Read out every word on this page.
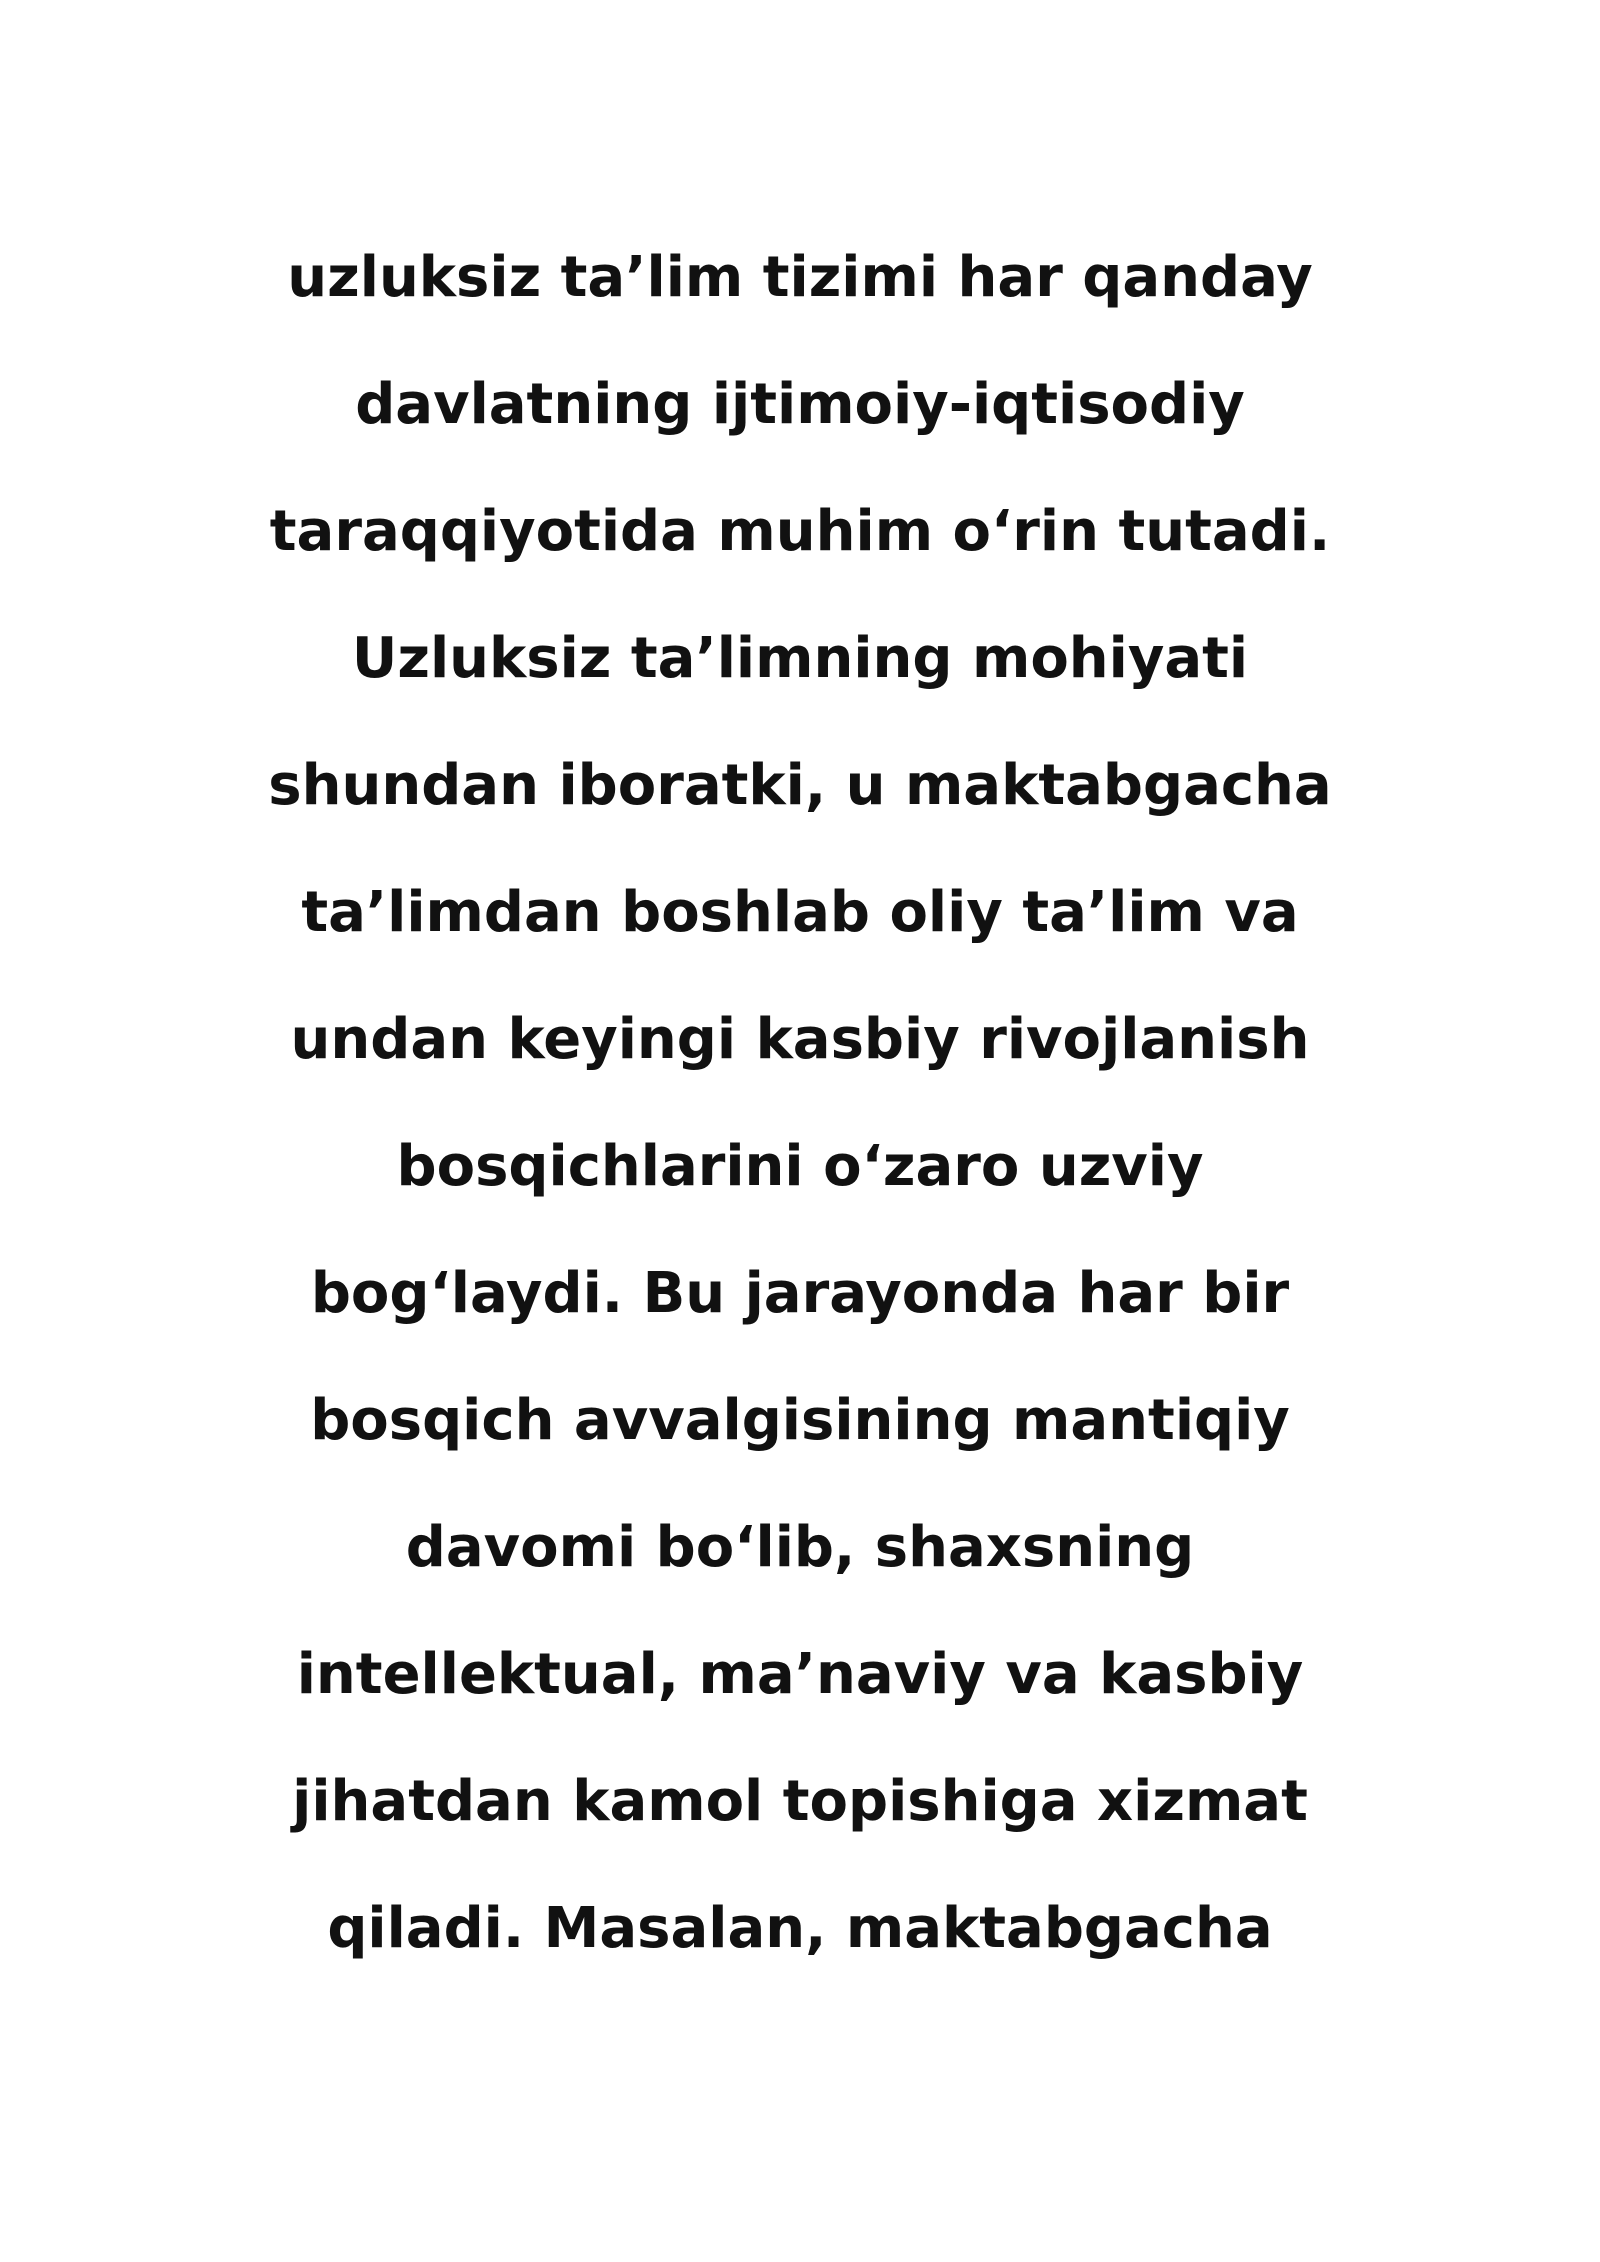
uzluksiz ta’lim tizimi har qanday
davlatning ijtimoiy-iqtisodiy
taraqqiyotida muhim o‘rin tutadi.
Uzluksiz ta’limning mohiyati
shundan iboratki, u maktabgacha
ta’limdan boshlab oliy ta’lim va
undan keyingi kasbiy rivojlanish
bosqichlarini o‘zaro uzviy
bog‘laydi. Bu jarayonda har bir
bosqich avvalgisining mantiqiy
davomi bo‘lib, shaxsning
intellektual, ma’naviy va kasbiy
jihatdan kamol topishiga xizmat
qiladi. Masalan, maktabgacha
